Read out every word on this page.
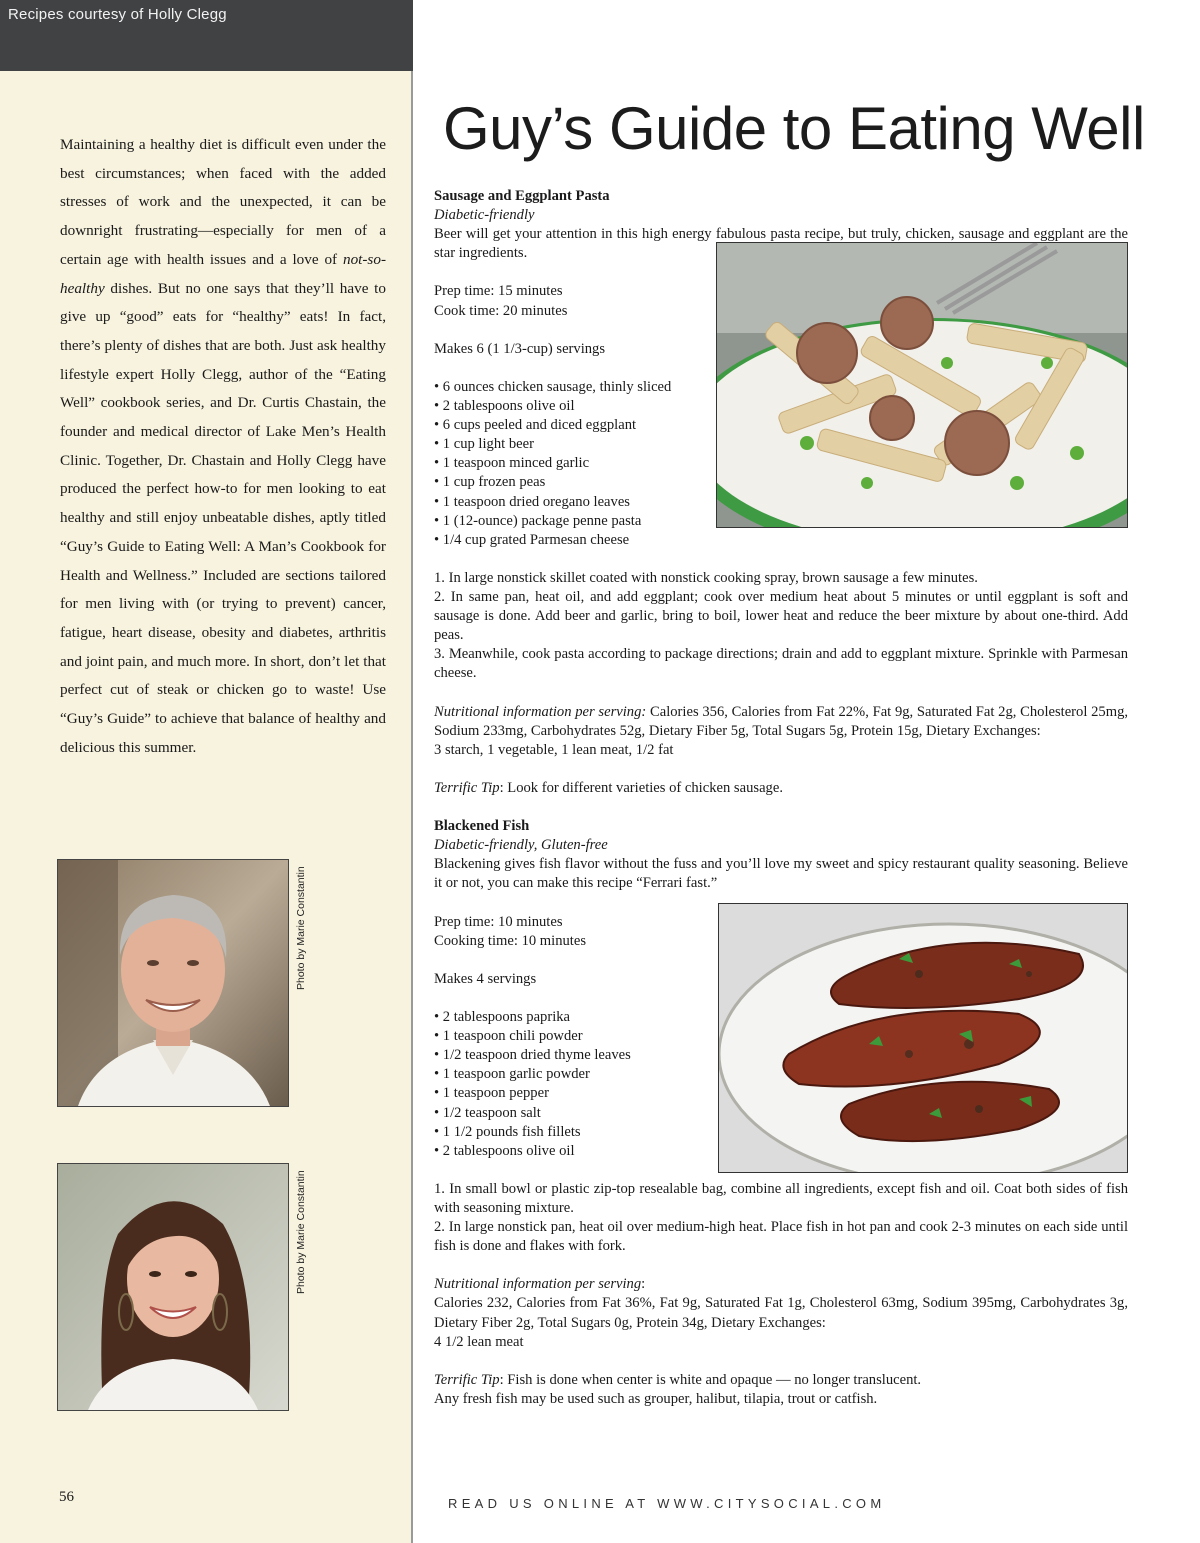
Recipes courtesy of Holly Clegg

Maintaining a healthy diet is difficult even under the best circumstances; when faced with the added stresses of work and the unexpected, it can be downright frustrating—especially for men of a certain age with health issues and a love of not-so-healthy dishes. But no one says that they’ll have to give up “good” eats for “healthy” eats! In fact, there’s plenty of dishes that are both. Just ask healthy lifestyle expert Holly Clegg, author of the “Eating Well” cookbook series, and Dr. Curtis Chastain, the founder and medical director of Lake Men’s Health Clinic. Together, Dr. Chastain and Holly Clegg have produced the perfect how-to for men looking to eat healthy and still enjoy unbeatable dishes, aptly titled “Guy’s Guide to Eating Well: A Man’s Cookbook for Health and Wellness.” Included are sections tailored for men living with (or trying to prevent) cancer, fatigue, heart disease, obesity and diabetes, arthritis and joint pain, and much more. In short, don’t let that perfect cut of steak or chicken go to waste! Use “Guy’s Guide” to achieve that balance of healthy and delicious this summer.

Photo by Marie Constantin
Photo by Marie Constantin
56
Guy’s Guide to Eating Well
Sausage and Eggplant Pasta
Diabetic-friendly

Beer will get your attention in this high energy fabulous pasta recipe, but truly, chicken, sausage and eggplant are the star ingredients.

Prep time: 15 minutes

Cook time: 20 minutes

Makes 6 (1 1/3-cup) servings

• 6 ounces chicken sausage, thinly sliced
• 2 tablespoons olive oil
• 6 cups peeled and diced eggplant
• 1 cup light beer
• 1 teaspoon minced garlic
• 1 cup frozen peas
• 1 teaspoon dried oregano leaves
• 1 (12-ounce) package penne pasta
• 1/4 cup grated Parmesan cheese
1. In large nonstick skillet coated with nonstick cooking spray, brown sausage a few minutes.
2. In same pan, heat oil, and add eggplant; cook over medium heat about 5 minutes or until eggplant is soft and sausage is done. Add beer and garlic, bring to boil, lower heat and reduce the beer mixture by about one-third. Add peas.

3. Meanwhile, cook pasta according to package directions; drain and add to eggplant mixture. Sprinkle with Parmesan cheese.

Nutritional information per serving: Calories 356, Calories from Fat 22%, Fat 9g, Saturated Fat 2g, Cholesterol 25mg, Sodium 233mg, Carbohydrates 52g, Dietary Fiber 5g, Total Sugars 5g, Protein 15g, Dietary Exchanges:

3 starch, 1 vegetable, 1 lean meat, 1/2 fat

Terrific Tip: Look for different varieties of chicken sausage.

Blackened Fish
Diabetic-friendly, Gluten-free

Blackening gives fish flavor without the fuss and you’ll love my sweet and spicy restaurant quality seasoning. Believe it or not, you can make this recipe “Ferrari fast.”

Prep time: 10 minutes

Cooking time: 10 minutes

Makes 4 servings

• 2 tablespoons paprika
• 1 teaspoon chili powder
• 1/2 teaspoon dried thyme leaves
• 1 teaspoon garlic powder
• 1 teaspoon pepper
• 1/2 teaspoon salt
• 1 1/2 pounds fish fillets
• 2 tablespoons olive oil
1. In small bowl or plastic zip-top resealable bag, combine all ingredients, except fish and oil. Coat both sides of fish with seasoning mixture.

2. In large nonstick pan, heat oil over medium-high heat. Place fish in hot pan and cook 2-3 minutes on each side until fish is done and flakes with fork.

Nutritional information per serving:
Calories 232, Calories from Fat 36%, Fat 9g, Saturated Fat 1g, Cholesterol 63mg, Sodium 395mg, Carbohydrates 3g, Dietary Fiber 2g, Total Sugars 0g, Protein 34g, Dietary Exchanges:

4 1/2 lean meat

Terrific Tip: Fish is done when center is white and opaque — no longer translucent.
Any fresh fish may be used such as grouper, halibut, tilapia, trout or catfish.
READ US ONLINE AT WWW.CITYSOCIAL.COM
